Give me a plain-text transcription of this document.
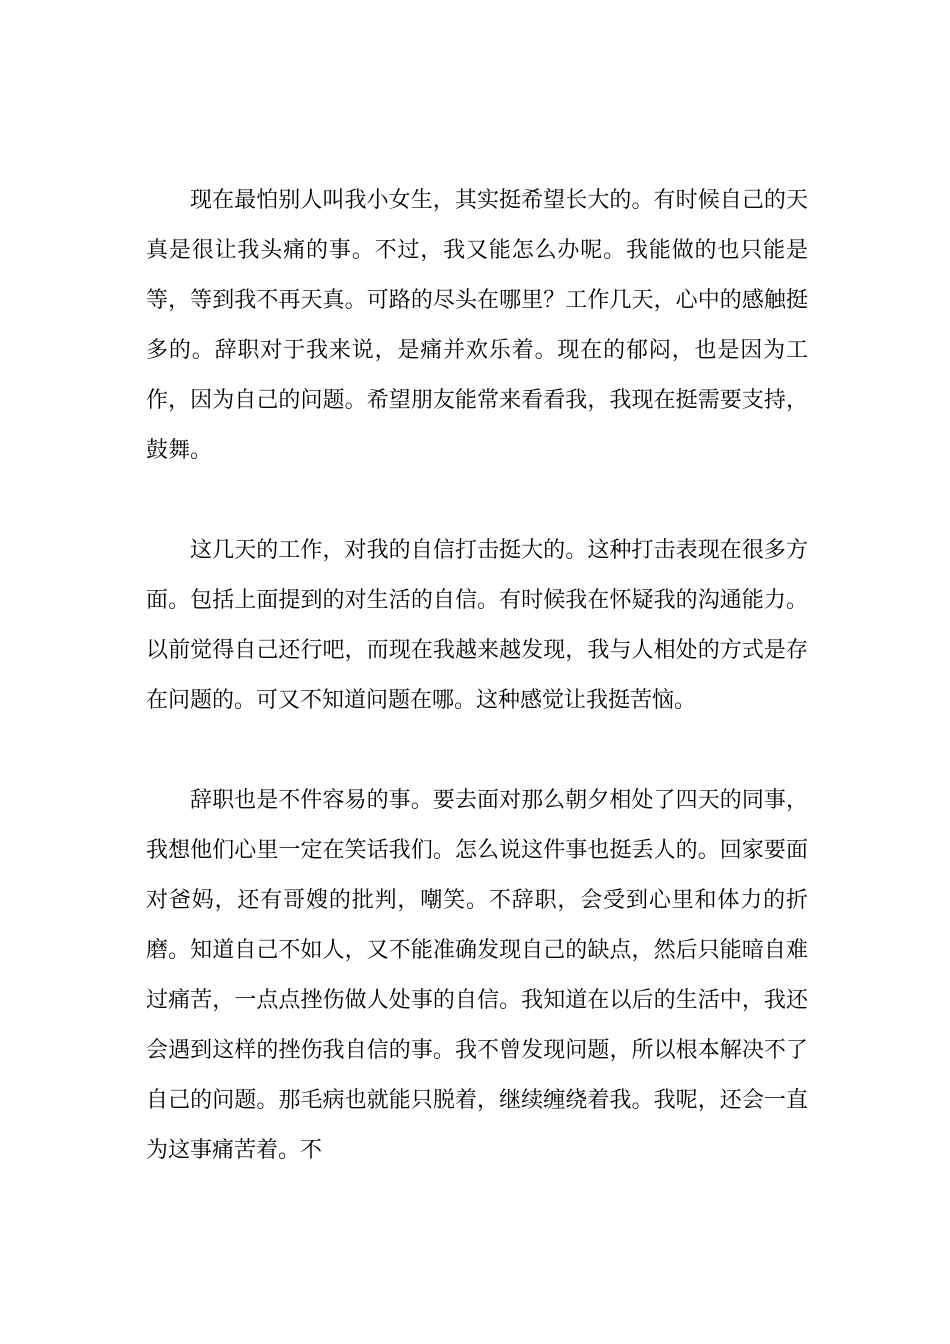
现在最怕别人叫我小女生，其实挺希望长大的。有时候自己的天真是很让我头痛的事。不过，我又能怎么办呢。我能做的也只能是等，等到我不再天真。可路的尽头在哪里？工作几天，心中的感触挺多的。辞职对于我来说，是痛并欢乐着。现在的郁闷，也是因为工作，因为自己的问题。希望朋友能常来看看我，我现在挺需要支持，鼓舞。

这几天的工作，对我的自信打击挺大的。这种打击表现在很多方面。包括上面提到的对生活的自信。有时候我在怀疑我的沟通能力。以前觉得自己还行吧，而现在我越来越发现，我与人相处的方式是存在问题的。可又不知道问题在哪。这种感觉让我挺苦恼。

辞职也是不件容易的事。要去面对那么朝夕相处了四天的同事，我想他们心里一定在笑话我们。怎么说这件事也挺丢人的。回家要面对爸妈，还有哥嫂的批判，嘲笑。不辞职，会受到心里和体力的折磨。知道自己不如人，又不能准确发现自己的缺点，然后只能暗自难过痛苦，一点点挫伤做人处事的自信。我知道在以后的生活中，我还会遇到这样的挫伤我自信的事。我不曾发现问题，所以根本解决不了自己的问题。那毛病也就能只脱着，继续缠绕着我。我呢，还会一直为这事痛苦着。不
